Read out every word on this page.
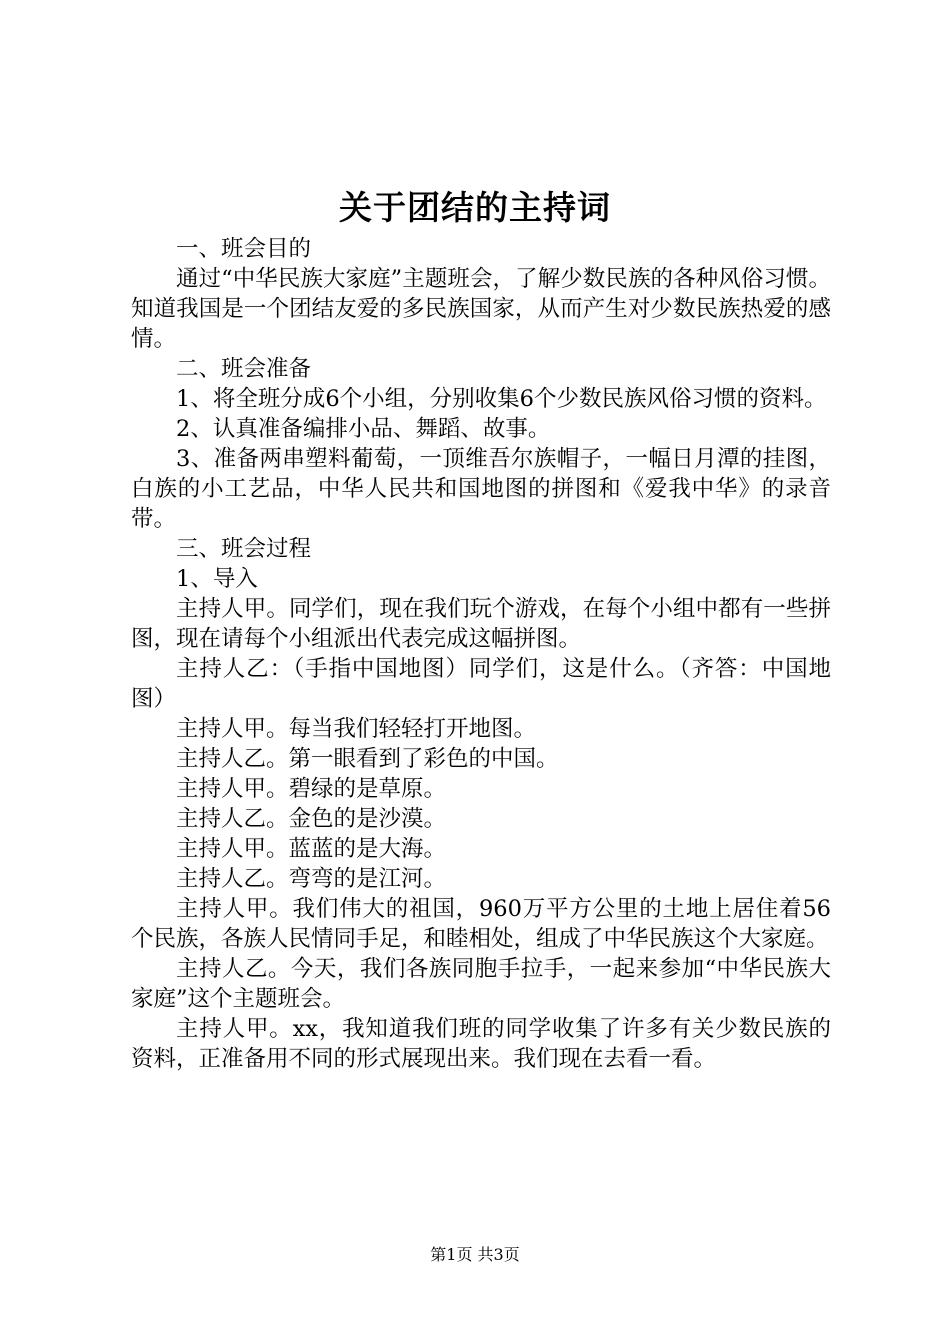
关于团结的主持词

一、班会目的

通过“中华民族大家庭”主题班会，了解少数民族的各种风俗习惯。知道我国是一个团结友爱的多民族国家，从而产生对少数民族热爱的感情。

二、班会准备

1、将全班分成6个小组，分别收集6个少数民族风俗习惯的资料。

2、认真准备编排小品、舞蹈、故事。

3、准备两串塑料葡萄，一顶维吾尔族帽子，一幅日月潭的挂图，白族的小工艺品，中华人民共和国地图的拼图和《爱我中华》的录音带。

三、班会过程

1、导入

主持人甲。同学们，现在我们玩个游戏，在每个小组中都有一些拼图，现在请每个小组派出代表完成这幅拼图。

主持人乙：（手指中国地图）同学们，这是什么。（齐答：中国地图）

主持人甲。每当我们轻轻打开地图。

主持人乙。第一眼看到了彩色的中国。

主持人甲。碧绿的是草原。

主持人乙。金色的是沙漠。

主持人甲。蓝蓝的是大海。

主持人乙。弯弯的是江河。

主持人甲。我们伟大的祖国，960万平方公里的土地上居住着56个民族，各族人民情同手足，和睦相处，组成了中华民族这个大家庭。

主持人乙。今天，我们各族同胞手拉手，一起来参加“中华民族大家庭”这个主题班会。

主持人甲。xx，我知道我们班的同学收集了许多有关少数民族的资料，正准备用不同的形式展现出来。我们现在去看一看。

第1页 共3页
